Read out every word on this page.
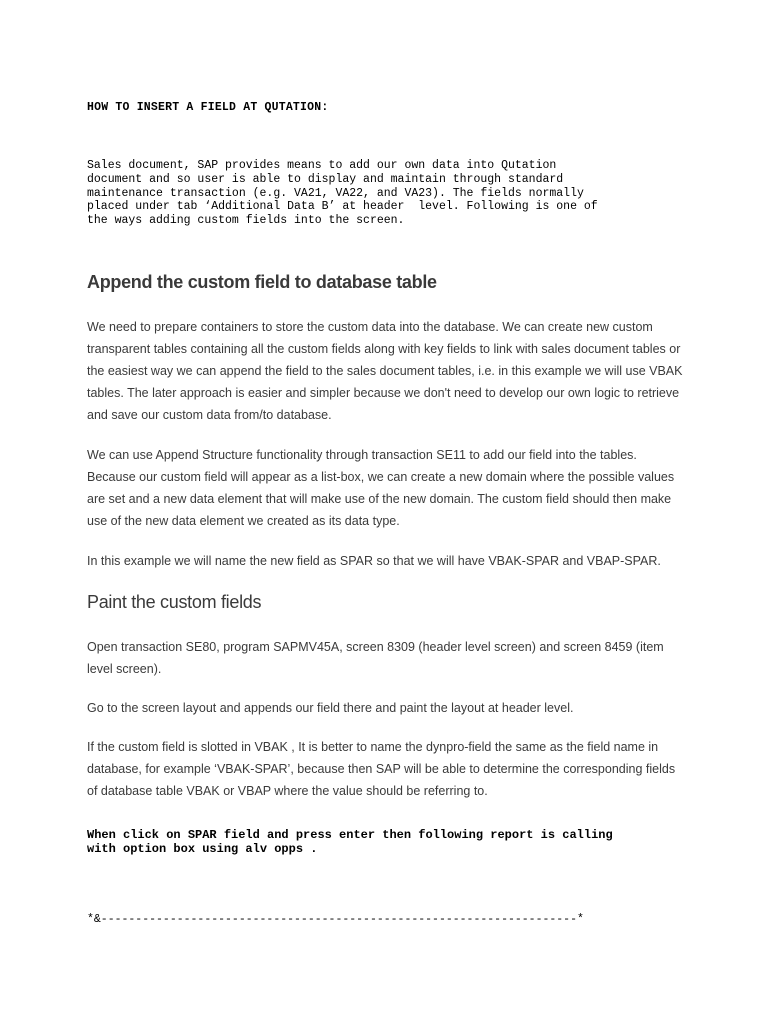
HOW TO INSERT A FIELD AT QUTATION:
Sales document, SAP provides means to add our own data into Qutation
document and so user is able to display and maintain through standard
maintenance transaction (e.g. VA21, VA22, and VA23). The fields normally
placed under tab ‘Additional Data B’ at header  level. Following is one of
the ways adding custom fields into the screen.
Append the custom field to database table

We need to prepare containers to store the custom data into the database. We can create new custom transparent tables containing all the custom fields along with key fields to link with sales document tables or the easiest way we can append the field to the sales document tables, i.e. in this example we will use VBAK tables. The later approach is easier and simpler because we don't need to develop our own logic to retrieve and save our custom data from/to database.

We can use Append Structure functionality through transaction SE11 to add our field into the tables. Because our custom field will appear as a list-box, we can create a new domain where the possible values are set and a new data element that will make use of the new domain. The custom field should then make use of the new data element we created as its data type.

In this example we will name the new field as SPAR so that we will have VBAK-SPAR and VBAP-SPAR.

Paint the custom fields

Open transaction SE80, program SAPMV45A, screen 8309 (header level screen) and screen 8459 (item level screen).

Go to the screen layout and appends our field there and paint the layout at header level.

If the custom field is slotted in VBAK , It is better to name the dynpro-field the same as the field name in database, for example ‘VBAK-SPAR’, because then SAP will be able to determine the corresponding fields of database table VBAK or VBAP where the value should be referring to.

When click on SPAR field and press enter then following report is calling
with option box using alv opps .
*&---------------------------------------------------------------------*
